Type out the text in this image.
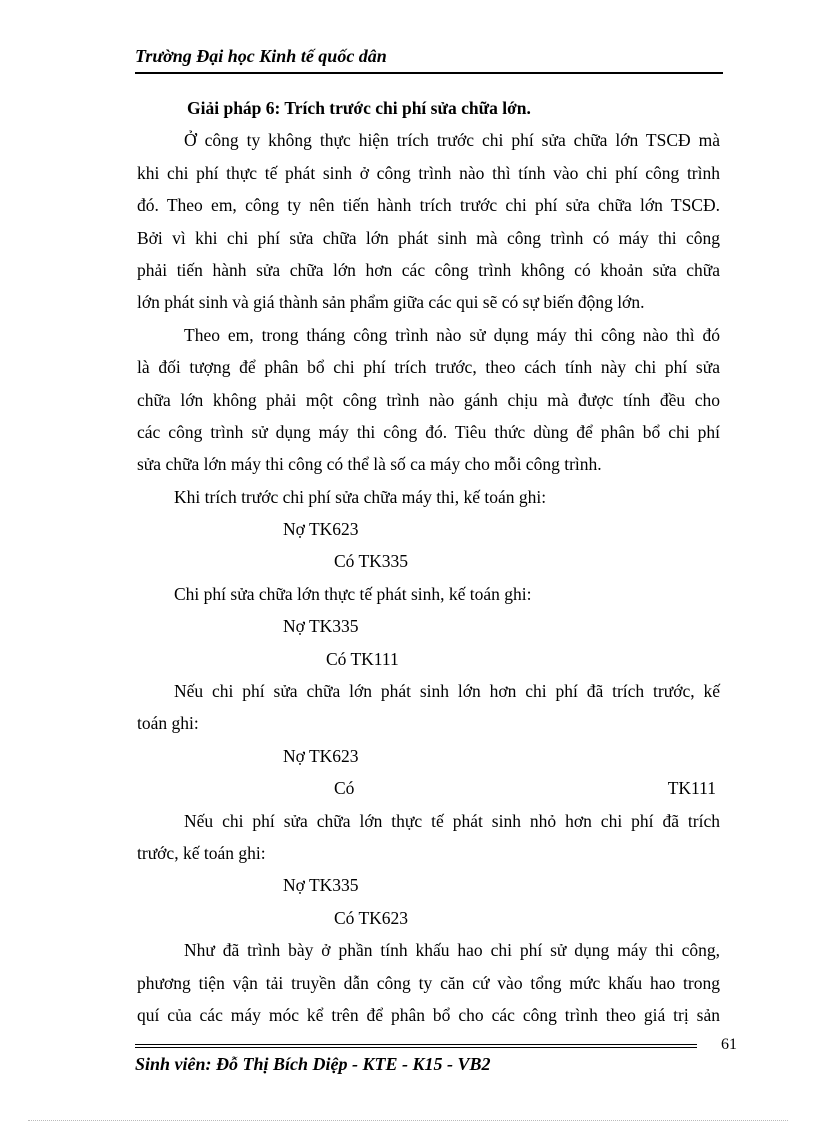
Trường Đại học Kinh tế quốc dân
Giải pháp 6: Trích trước chi phí sửa chữa lớn.
Ở công ty không thực hiện trích trước chi phí sửa chữa lớn TSCĐ mà
khi chi phí thực tế phát sinh ở công trình nào thì tính vào chi phí công trình
đó. Theo em, công ty nên tiến hành trích trước chi phí sửa chữa lớn TSCĐ.
Bởi vì khi chi phí sửa chữa lớn phát sinh mà công trình có máy thi công
phải tiến hành sửa chữa lớn hơn các công trình không có khoản sửa chữa
lớn phát sinh và giá thành sản phẩm giữa các qui sẽ có sự biến động lớn.
Theo em, trong tháng công trình nào sử dụng máy thi công nào thì đó
là đối tượng để phân bổ chi phí trích trước, theo cách tính này chi phí sửa
chữa lớn không phải một công trình nào gánh chịu mà được tính đều cho
các công trình sử dụng máy thi công đó. Tiêu thức dùng để phân bổ chi phí
sửa chữa lớn máy thi công có thể là số ca máy cho mỗi công trình.
Khi trích trước chi phí sửa chữa máy thi, kế toán ghi:
Nợ TK623
Có TK335
Chi phí sửa chữa lớn thực tế phát sinh, kế toán ghi:
Nợ TK335
Có TK111
Nếu chi phí sửa chữa lớn phát sinh lớn hơn chi phí đã trích trước, kế
toán ghi:
Nợ TK623
Có	TK111
Nếu chi phí sửa chữa lớn thực tế phát sinh nhỏ hơn chi phí đã trích
trước, kế toán ghi:
Nợ TK335
Có TK623
Như đã trình bày ở phần tính khấu hao chi phí sử dụng máy thi công,
phương tiện vận tải truyền dẫn công ty căn cứ vào tổng mức khấu hao trong
quí của các máy móc kể trên để phân bổ cho các công trình theo giá trị sản
Sinh viên: Đỗ Thị Bích Diệp - KTE - K15 - VB2
61
